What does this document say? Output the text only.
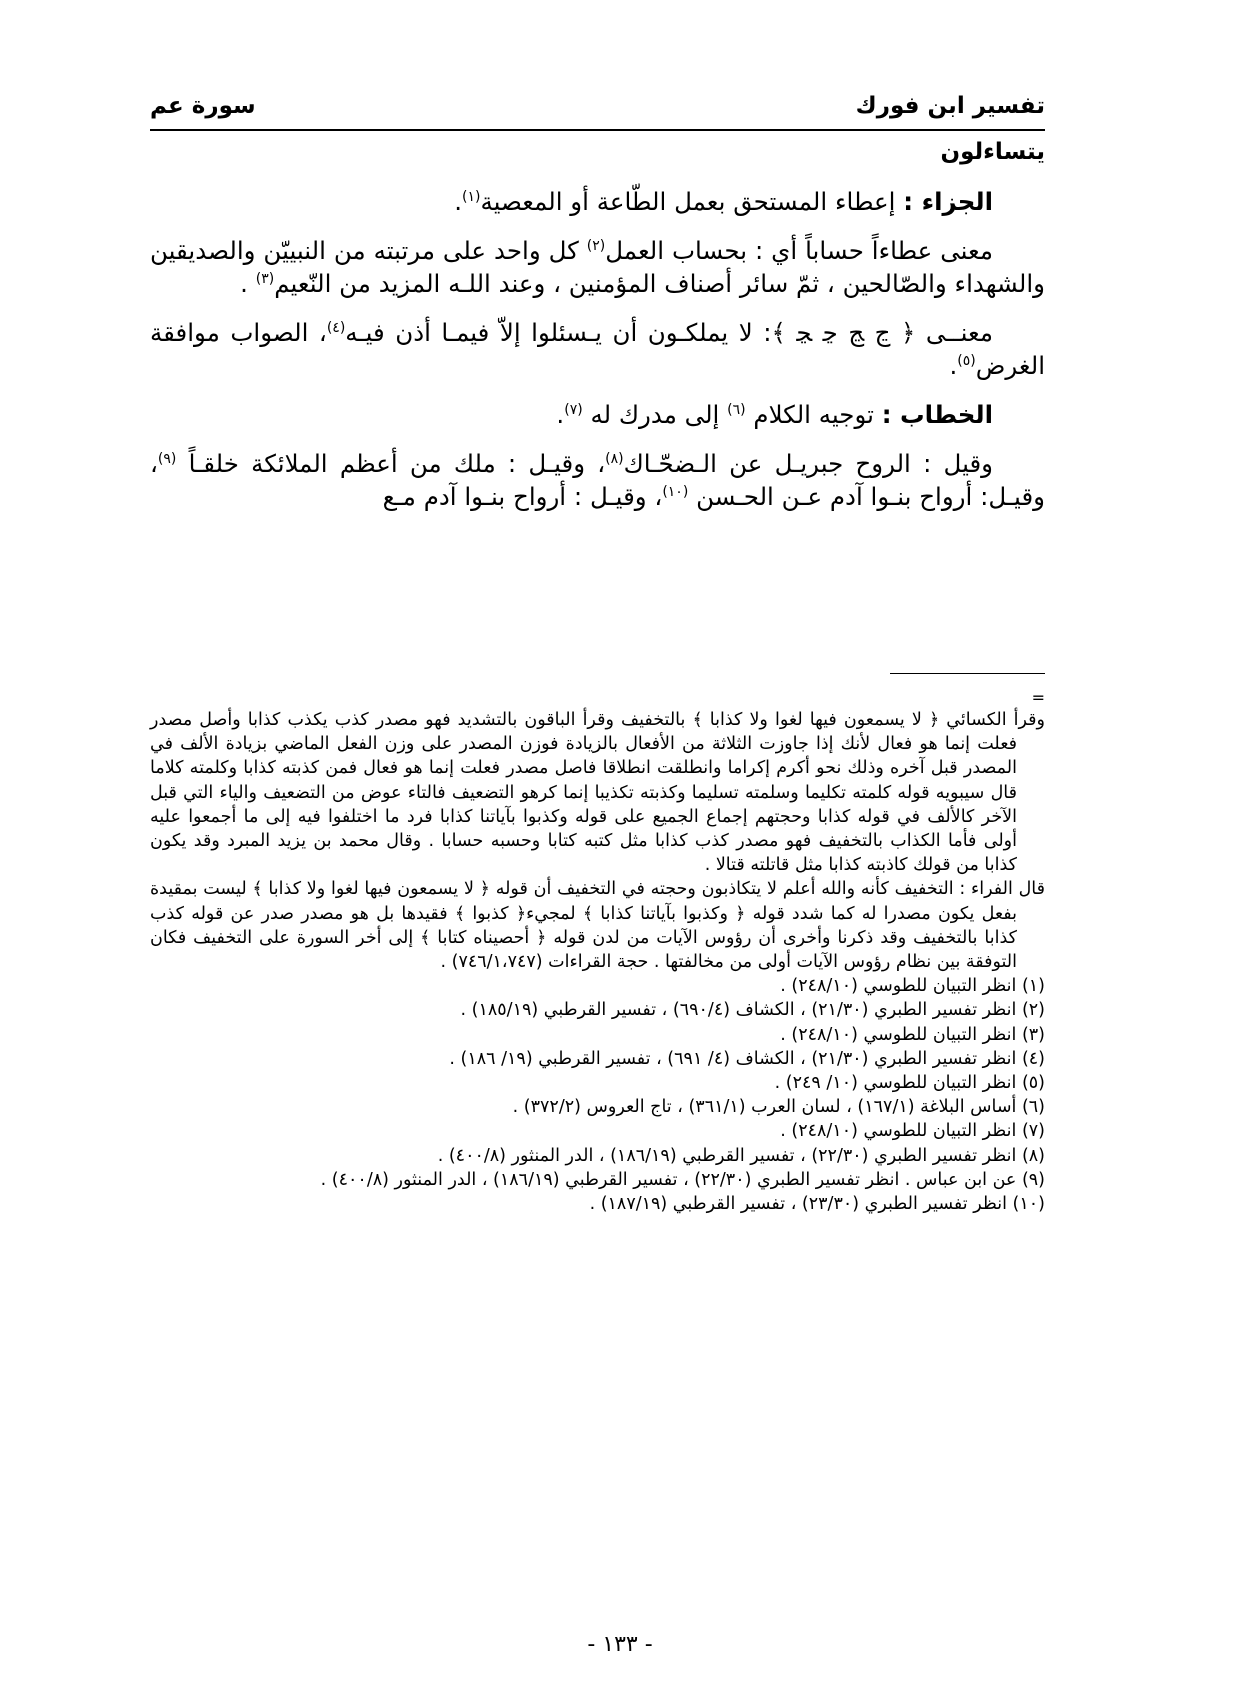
تفسير ابن فورك
سورة عم

يتساءلون

الجزاء : إعطاء المستحق بعمل الطّاعة أو المعصية$^{(١)}$.

معنى عطاءاً حساباً أي : بحساب العمل$^{(٢)}$ كل واحد على مرتبته من النبييّن والصديقين والشهداء والصّالحين ، ثمّ سائر أصناف المؤمنين ، وعند اللـه المزيد من النّعيم$^{(٣)}$ .

معنــى ﴿ ﭶ ﭷ ﭸ ﭹ ﴾: لا يملكـون أن يـسئلوا إلاّ فيمـا أذن فيـه$^{(٤)}$، الصواب موافقة الغرض$^{(٥)}$.

الخطاب : توجيه الكلام $^{(٦)}$ إلى مدرك له $^{(٧)}$.

وقيل : الروح جبريـل عن الـضحّـاك$^{(٨)}$، وقيـل : ملك من أعظم الملائكة خلقـاً $^{(٩)}$، وقيـل: أرواح بنـوا آدم عـن الحـسن $^{(١٠)}$، وقيـل : أرواح بنـوا آدم مـع

=

وقرأ الكسائي ﴿ لا يسمعون فيها لغوا ولا كذابا ﴾ بالتخفيف وقرأ الباقون بالتشديد فهو مصدر كذب يكذب كذابا وأصل مصدر فعلت إنما هو فعال لأنك إذا جاوزت الثلاثة من الأفعال بالزيادة فوزن المصدر على وزن الفعل الماضي بزيادة الألف في المصدر قبل آخره وذلك نحو أكرم إكراما وانطلقت انطلاقا فاصل مصدر فعلت إنما هو فعال فمن كذبته كذابا وكلمته كلاما قال سيبويه قوله كلمته تكليما وسلمته تسليما وكذبته تكذيبا إنما كرهو التضعيف فالتاء عوض من التضعيف والياء التي قبل الآخر كالألف في قوله كذابا وحجتهم إجماع الجميع على قوله وكذبوا بآياتنا كذابا فرد ما اختلفوا فيه إلى ما أجمعوا عليه أولى فأما الكذاب بالتخفيف فهو مصدر كذب كذابا مثل كتبه كتابا وحسبه حسابا . وقال محمد بن يزيد المبرد وقد يكون كذابا من قولك كاذبته كذابا مثل قاتلته قتالا .

قال الفراء : التخفيف كأنه والله أعلم لا يتكاذبون وحجته في التخفيف أن قوله ﴿ لا يسمعون فيها لغوا ولا كذابا ﴾ ليست بمقيدة بفعل يكون مصدرا له كما شدد قوله ﴿ وكذبوا بآياتنا كذابا ﴾ لمجيء﴿ كذبوا ﴾ فقيدها بل هو مصدر صدر عن قوله كذب كذابا بالتخفيف وقد ذكرنا وأخرى أن رؤوس الآيات من لدن قوله ﴿ أحصيناه كتابا ﴾ إلى أخر السورة على التخفيف فكان التوفقة بين نظام رؤوس الآيات أولى من مخالفتها . حجة القراءات (٧٤٦/١،٧٤٧) .

(١) انظر التبيان للطوسي (٢٤٨/١٠) .

(٢) انظر تفسير الطبري (٢١/٣٠) ، الكشاف (٦٩٠/٤) ، تفسير القرطبي (١٨٥/١٩) .

(٣) انظر التبيان للطوسي (٢٤٨/١٠) .

(٤) انظر تفسير الطبري (٢١/٣٠) ، الكشاف (٤/ ٦٩١) ، تفسير القرطبي (١٩/ ١٨٦) .

(٥) انظر التبيان للطوسي (١٠/ ٢٤٩) .

(٦) أساس البلاغة (١٦٧/١) ، لسان العرب (٣٦١/١) ، تاج العروس (٣٧٢/٢) .

(٧) انظر التبيان للطوسي (٢٤٨/١٠) .

(٨) انظر تفسير الطبري (٢٢/٣٠) ، تفسير القرطبي (١٨٦/١٩) ، الدر المنثور (٤٠٠/٨) .

(٩) عن ابن عباس . انظر تفسير الطبري (٢٢/٣٠) ، تفسير القرطبي (١٨٦/١٩) ، الدر المنثور (٤٠٠/٨) .

(١٠) انظر تفسير الطبري (٢٣/٣٠) ، تفسير القرطبي (١٨٧/١٩) .

- ١٣٣ -
